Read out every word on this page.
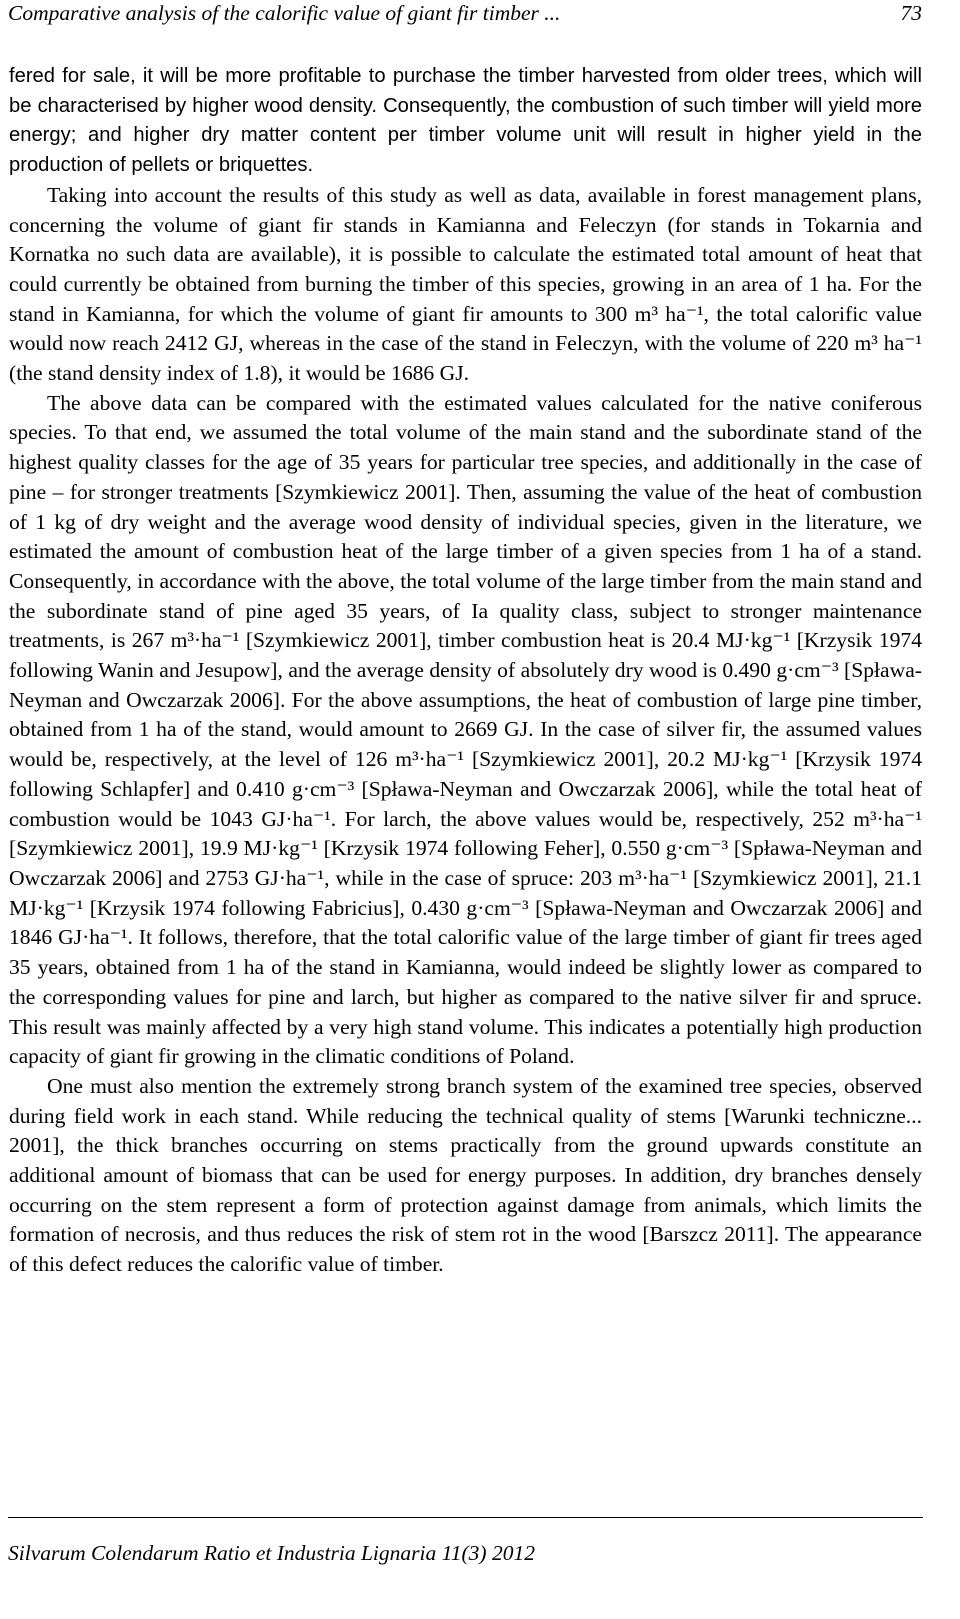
Comparative analysis of the calorific value of giant fir timber ...	73

fered for sale, it will be more profitable to purchase the timber harvested from older trees, which will be characterised by higher wood density. Consequently, the combustion of such timber will yield more energy; and higher dry matter content per timber volume unit will result in higher yield in the production of pellets or briquettes.

Taking into account the results of this study as well as data, available in forest management plans, concerning the volume of giant fir stands in Kamianna and Feleczyn (for stands in Tokarnia and Kornatka no such data are available), it is possible to calculate the estimated total amount of heat that could currently be obtained from burning the timber of this species, growing in an area of 1 ha. For the stand in Kamianna, for which the volume of giant fir amounts to 300 m³ ha⁻¹, the total calorific value would now reach 2412 GJ, whereas in the case of the stand in Feleczyn, with the volume of 220 m³ ha⁻¹ (the stand density index of 1.8), it would be 1686 GJ.

The above data can be compared with the estimated values calculated for the native coniferous species. To that end, we assumed the total volume of the main stand and the subordinate stand of the highest quality classes for the age of 35 years for particular tree species, and additionally in the case of pine – for stronger treatments [Szymkiewicz 2001]. Then, assuming the value of the heat of combustion of 1 kg of dry weight and the average wood density of individual species, given in the literature, we estimated the amount of combustion heat of the large timber of a given species from 1 ha of a stand. Consequently, in accordance with the above, the total volume of the large timber from the main stand and the subordinate stand of pine aged 35 years, of Ia quality class, subject to stronger maintenance treatments, is 267 m³·ha⁻¹ [Szymkiewicz 2001], timber combustion heat is 20.4 MJ·kg⁻¹ [Krzysik 1974 following Wanin and Jesupow], and the average density of absolutely dry wood is 0.490 g·cm⁻³ [Spława-Neyman and Owczarzak 2006]. For the above assumptions, the heat of combustion of large pine timber, obtained from 1 ha of the stand, would amount to 2669 GJ. In the case of silver fir, the assumed values would be, respectively, at the level of 126 m³·ha⁻¹ [Szymkiewicz 2001], 20.2 MJ·kg⁻¹ [Krzysik 1974 following Schlapfer] and 0.410 g·cm⁻³ [Spława-Neyman and Owczarzak 2006], while the total heat of combustion would be 1043 GJ·ha⁻¹. For larch, the above values would be, respectively, 252 m³·ha⁻¹ [Szymkiewicz 2001], 19.9 MJ·kg⁻¹ [Krzysik 1974 following Feher], 0.550 g·cm⁻³ [Spława-Neyman and Owczarzak 2006] and 2753 GJ·ha⁻¹, while in the case of spruce: 203 m³·ha⁻¹ [Szymkiewicz 2001], 21.1 MJ·kg⁻¹ [Krzysik 1974 following Fabricius], 0.430 g·cm⁻³ [Spława-Neyman and Owczarzak 2006] and 1846 GJ·ha⁻¹. It follows, therefore, that the total calorific value of the large timber of giant fir trees aged 35 years, obtained from 1 ha of the stand in Kamianna, would indeed be slightly lower as compared to the corresponding values for pine and larch, but higher as compared to the native silver fir and spruce. This result was mainly affected by a very high stand volume. This indicates a potentially high production capacity of giant fir growing in the climatic conditions of Poland.

One must also mention the extremely strong branch system of the examined tree species, observed during field work in each stand. While reducing the technical quality of stems [Warunki techniczne... 2001], the thick branches occurring on stems practically from the ground upwards constitute an additional amount of biomass that can be used for energy purposes. In addition, dry branches densely occurring on the stem represent a form of protection against damage from animals, which limits the formation of necrosis, and thus reduces the risk of stem rot in the wood [Barszcz 2011]. The appearance of this defect reduces the calorific value of timber.

Silvarum Colendarum Ratio et Industria Lignaria 11(3) 2012
